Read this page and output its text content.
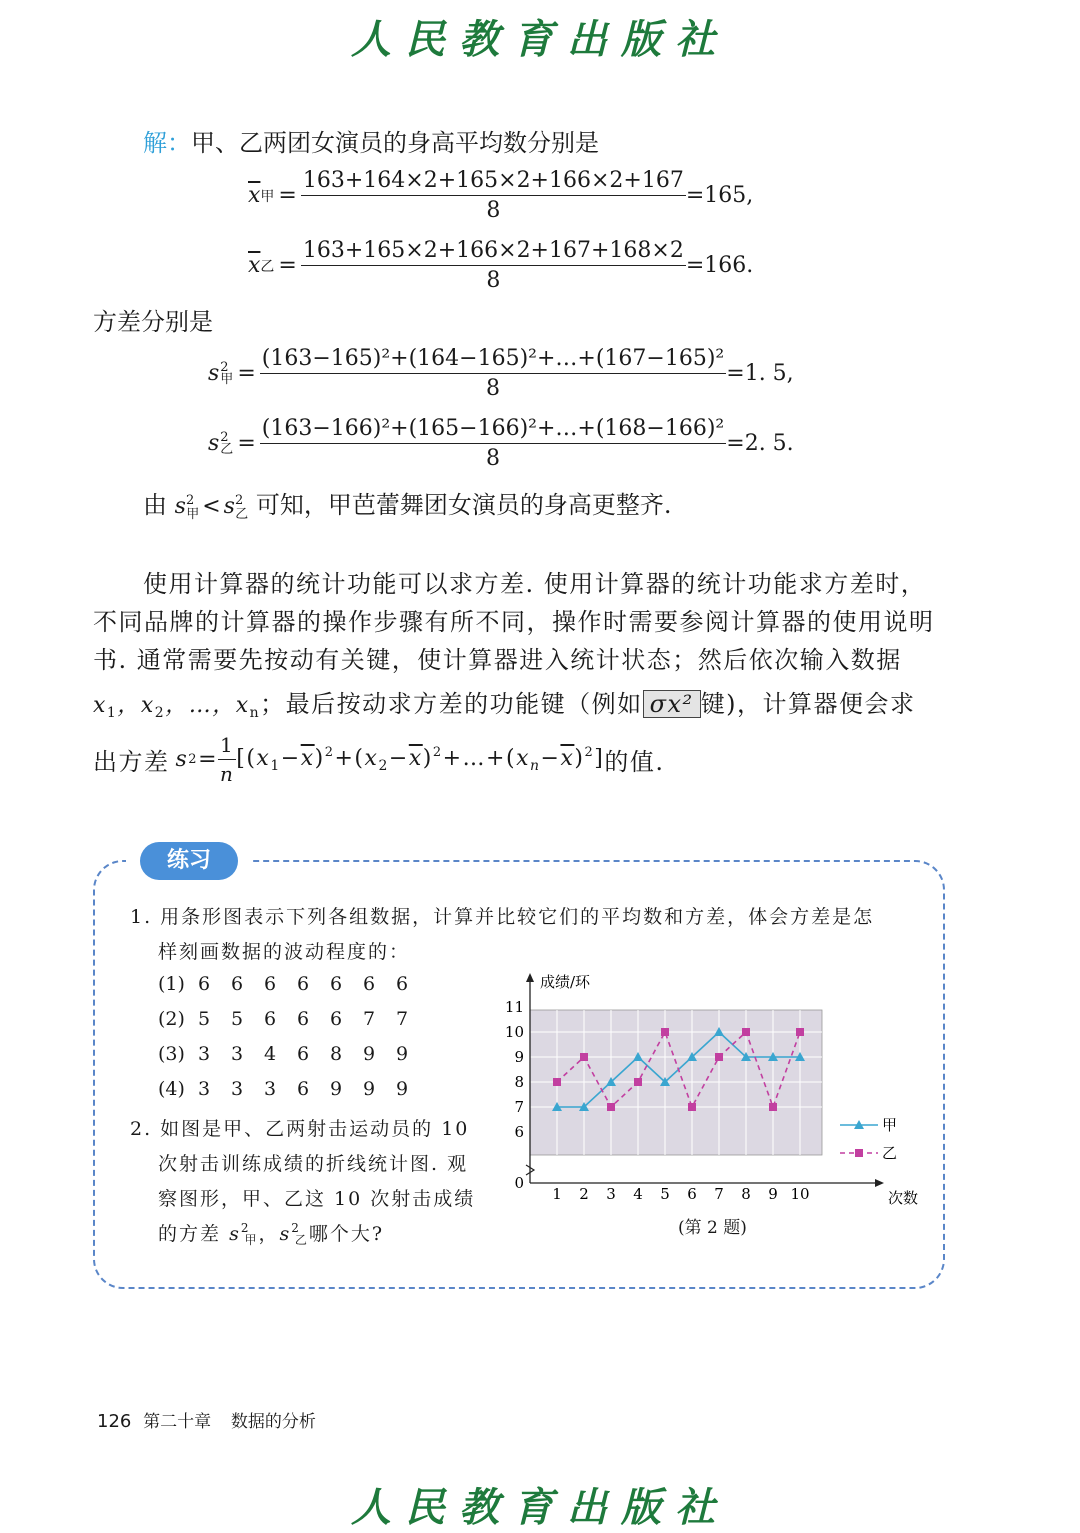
人民教育出版社
解：甲、乙两团女演员的身高平均数分别是
$\overline{x}$ 甲 = $\frac{163+164\times 2+165\times 2+166\times 2+167}{8} =165$,
$\overline{x}$ 乙 = $\frac{163+165\times 2+166\times 2+167+168\times 2}{8} =166$.
方差分别是
s 2
甲 = $\frac{\text{(163−165)²+(164−165)²+…+(167−165)²}}{8} =1$. 5,
s 2
乙 = $\frac{\text{(163−166)²+(165−166)²+…+(168−166)²}}{8} =2$. 5.
由 $s^2_甲 < s^2_乙$ 可知，甲芭蕾舞团女演员的身高更整齐.
使用计算器的统计功能可以求方差. 使用计算器的统计功能求方差时，
不同品牌的计算器的操作步骤有所不同，操作时需要参阅计算器的使用说明
书. 通常需要先按动有关键，使计算器进入统计状态；然后依次输入数据
$x_1$，$x_2$，…，$x_n$；最后按动求方差的功能键（例如 σx² 键)，计算器便会求
出方差 s $2 = \frac{1}{n}$ $[(x_1-\overline{x})^2+(x_2-\overline{x})^2+\dots+(x_n-\overline{x})^2]$ 的值.
练习
1. 用条形图表示下列各组数据，计算并比较它们的平均数和方差，体会方差是怎
样刻画数据的波动程度的：
(1) 6 6 6 6 6 6 6
(2) 5 5 6 6 6 7 7
(3) 3 3 4 6 8 9 9
(4) 3 3 3 6 9 9 9
2. 如图是甲、乙两射击运动员的 10
次射击训练成绩的折线统计图. 观
察图形，甲、乙这 10 次射击成绩
的方差 $s^2_甲$，$s^2_乙$哪个大?
成绩/环
次数
0
6
7
8
9
10
11
1 2 3 4 5 6 7 8 9 10
甲
乙
(第 2 题)
126 第二十章 数据的分析
人民教育出版社
